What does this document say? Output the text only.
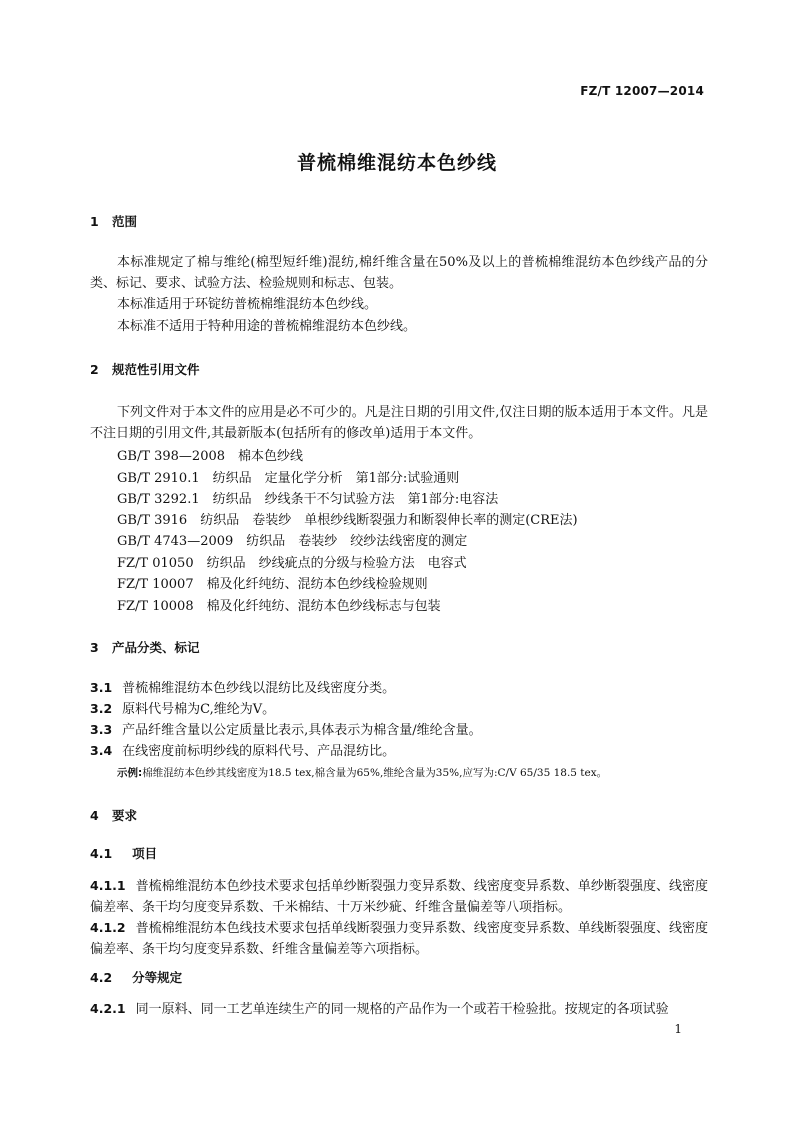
FZ/T 12007—2014
普梳棉维混纺本色纱线
1 范围
本标准规定了棉与维纶(棉型短纤维)混纺,棉纤维含量在50%及以上的普梳棉维混纺本色纱线产品的分类、标记、要求、试验方法、检验规则和标志、包装。
本标准适用于环锭纺普梳棉维混纺本色纱线。
本标准不适用于特种用途的普梳棉维混纺本色纱线。
2 规范性引用文件
下列文件对于本文件的应用是必不可少的。凡是注日期的引用文件,仅注日期的版本适用于本文件。凡是不注日期的引用文件,其最新版本(包括所有的修改单)适用于本文件。
GB/T 398—2008　棉本色纱线
GB/T 2910.1　纺织品　定量化学分析　第1部分:试验通则
GB/T 3292.1　纺织品　纱线条干不匀试验方法　第1部分:电容法
GB/T 3916　纺织品　卷装纱　单根纱线断裂强力和断裂伸长率的测定(CRE法)
GB/T 4743—2009　纺织品　卷装纱　绞纱法线密度的测定
FZ/T 01050　纺织品　纱线疵点的分级与检验方法　电容式
FZ/T 10007　棉及化纤纯纺、混纺本色纱线检验规则
FZ/T 10008　棉及化纤纯纺、混纺本色纱线标志与包装
3 产品分类、标记
3.1 普梳棉维混纺本色纱线以混纺比及线密度分类。
3.2 原料代号棉为C,维纶为V。
3.3 产品纤维含量以公定质量比表示,具体表示为棉含量/维纶含量。
3.4 在线密度前标明纱线的原料代号、产品混纺比。
示例:棉维混纺本色纱其线密度为18.5 tex,棉含量为65%,维纶含量为35%,应写为:C/V 65/35 18.5 tex。
4 要求
4.1 项目
4.1.1 普梳棉维混纺本色纱技术要求包括单纱断裂强力变异系数、线密度变异系数、单纱断裂强度、线密度偏差率、条干均匀度变异系数、千米棉结、十万米纱疵、纤维含量偏差等八项指标。
4.1.2 普梳棉维混纺本色线技术要求包括单线断裂强力变异系数、线密度变异系数、单线断裂强度、线密度偏差率、条干均匀度变异系数、纤维含量偏差等六项指标。
4.2 分等规定
4.2.1 同一原料、同一工艺单连续生产的同一规格的产品作为一个或若干检验批。按规定的各项试验
1
